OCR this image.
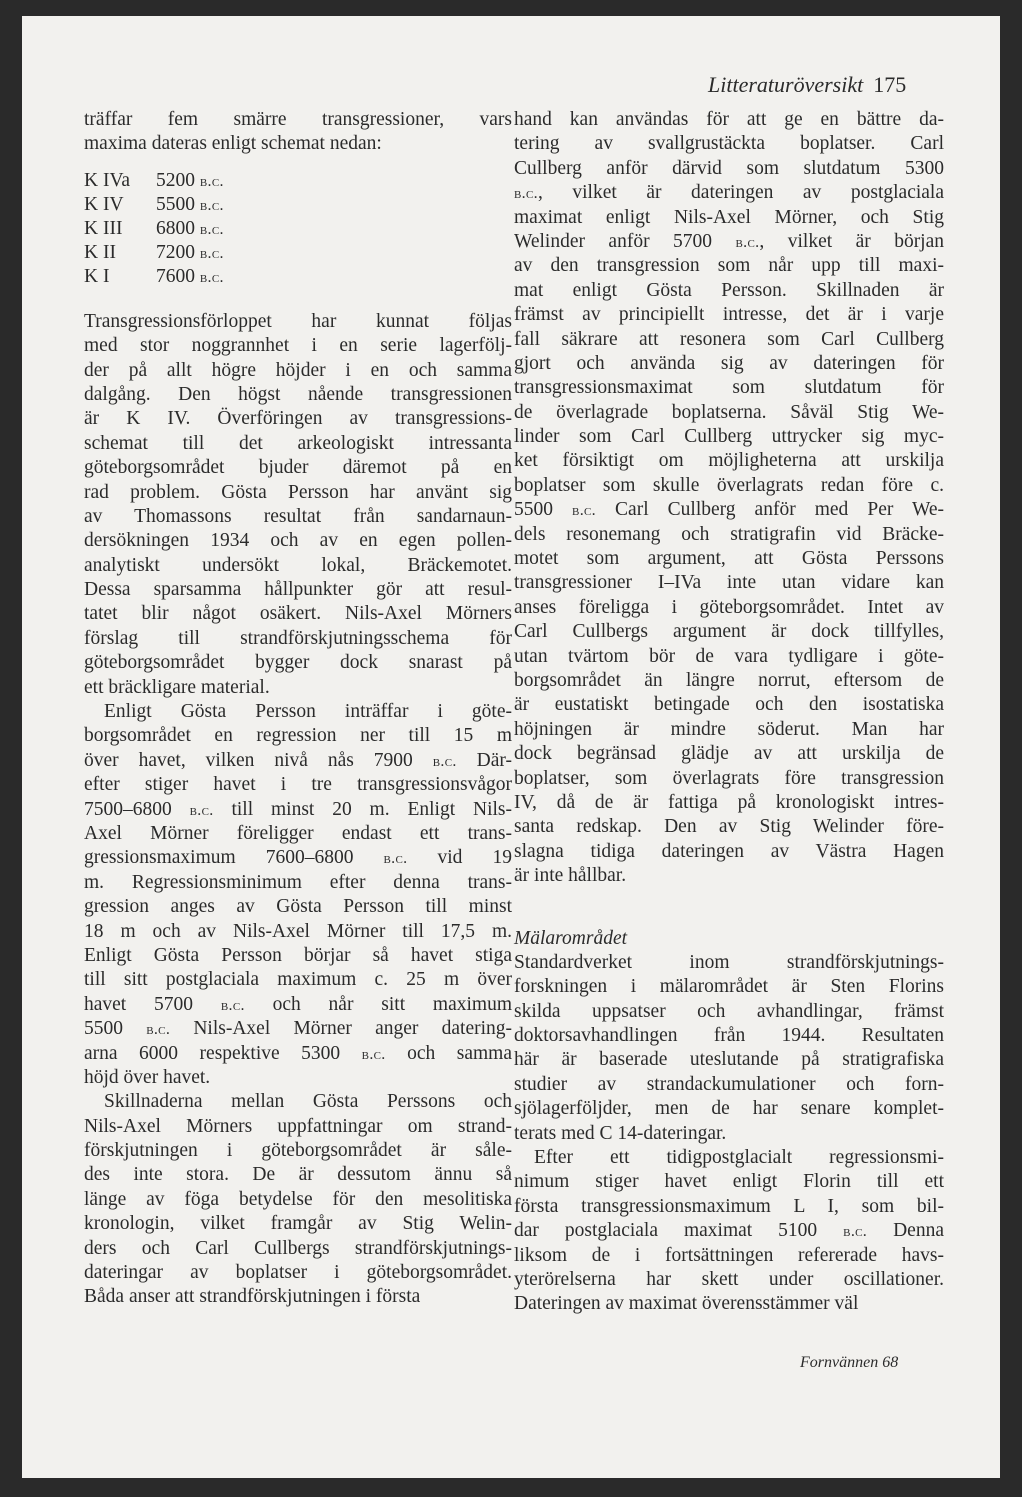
Litteraturöversikt 175
träffar fem smärre transgressioner, vars
maxima dateras enligt schemat nedan:
K IVa	5200 b.c.
K IV	5500 b.c.
K III	6800 b.c.
K II	7200 b.c.
K I	7600 b.c.
Transgressionsförloppet har kunnat följas
med stor noggrannhet i en serie lagerfölj-
der på allt högre höjder i en och samma
dalgång. Den högst nående transgressionen
är K IV. Överföringen av transgressions-
schemat till det arkeologiskt intressanta
göteborgsområdet bjuder däremot på en
rad problem. Gösta Persson har använt sig
av Thomassons resultat från sandarnaun-
dersökningen 1934 och av en egen pollen-
analytiskt undersökt lokal, Bräckemotet.
Dessa sparsamma hållpunkter gör att resul-
tatet blir något osäkert. Nils-Axel Mörners
förslag till strandförskjutningsschema för
göteborgsområdet bygger dock snarast på
ett bräckligare material.
Enligt Gösta Persson inträffar i göte-
borgsområdet en regression ner till 15 m
över havet, vilken nivå nås 7900 b.c. Där-
efter stiger havet i tre transgressionsvågor
7500–6800 b.c. till minst 20 m. Enligt Nils-
Axel Mörner föreligger endast ett trans-
gressionsmaximum 7600–6800 b.c. vid 19
m. Regressionsminimum efter denna trans-
gression anges av Gösta Persson till minst
18 m och av Nils-Axel Mörner till 17,5 m.
Enligt Gösta Persson börjar så havet stiga
till sitt postglaciala maximum c. 25 m över
havet 5700 b.c. och når sitt maximum
5500 b.c. Nils-Axel Mörner anger datering-
arna 6000 respektive 5300 b.c. och samma
höjd över havet.
Skillnaderna mellan Gösta Perssons och
Nils-Axel Mörners uppfattningar om strand-
förskjutningen i göteborgsområdet är såle-
des inte stora. De är dessutom ännu så
länge av föga betydelse för den mesolitiska
kronologin, vilket framgår av Stig Welin-
ders och Carl Cullbergs strandförskjutnings-
dateringar av boplatser i göteborgsområdet.
Båda anser att strandförskjutningen i första
hand kan användas för att ge en bättre da-
tering av svallgrustäckta boplatser. Carl
Cullberg anför därvid som slutdatum 5300
b.c., vilket är dateringen av postglaciala
maximat enligt Nils-Axel Mörner, och Stig
Welinder anför 5700 b.c., vilket är början
av den transgression som når upp till maxi-
mat enligt Gösta Persson. Skillnaden är
främst av principiellt intresse, det är i varje
fall säkrare att resonera som Carl Cullberg
gjort och använda sig av dateringen för
transgressionsmaximat som slutdatum för
de överlagrade boplatserna. Såväl Stig We-
linder som Carl Cullberg uttrycker sig myc-
ket försiktigt om möjligheterna att urskilja
boplatser som skulle överlagrats redan före c.
5500 b.c. Carl Cullberg anför med Per We-
dels resonemang och stratigrafin vid Bräcke-
motet som argument, att Gösta Perssons
transgressioner I–IVa inte utan vidare kan
anses föreligga i göteborgsområdet. Intet av
Carl Cullbergs argument är dock tillfylles,
utan tvärtom bör de vara tydligare i göte-
borgsområdet än längre norrut, eftersom de
är eustatiskt betingade och den isostatiska
höjningen är mindre söderut. Man har
dock begränsad glädje av att urskilja de
boplatser, som överlagrats före transgression
IV, då de är fattiga på kronologiskt intres-
santa redskap. Den av Stig Welinder före-
slagna tidiga dateringen av Västra Hagen
är inte hållbar.
Mälarområdet
Standardverket inom strandförskjutnings-
forskningen i mälarområdet är Sten Florins
skilda uppsatser och avhandlingar, främst
doktorsavhandlingen från 1944. Resultaten
här är baserade uteslutande på stratigrafiska
studier av strandackumulationer och forn-
sjölagerföljder, men de har senare komplet-
terats med C 14-dateringar.
Efter ett tidigpostglacialt regressionsmi-
nimum stiger havet enligt Florin till ett
första transgressionsmaximum L I, som bil-
dar postglaciala maximat 5100 b.c. Denna
liksom de i fortsättningen refererade havs-
yterörelserna har skett under oscillationer.
Dateringen av maximat överensstämmer väl
Fornvännen 68
